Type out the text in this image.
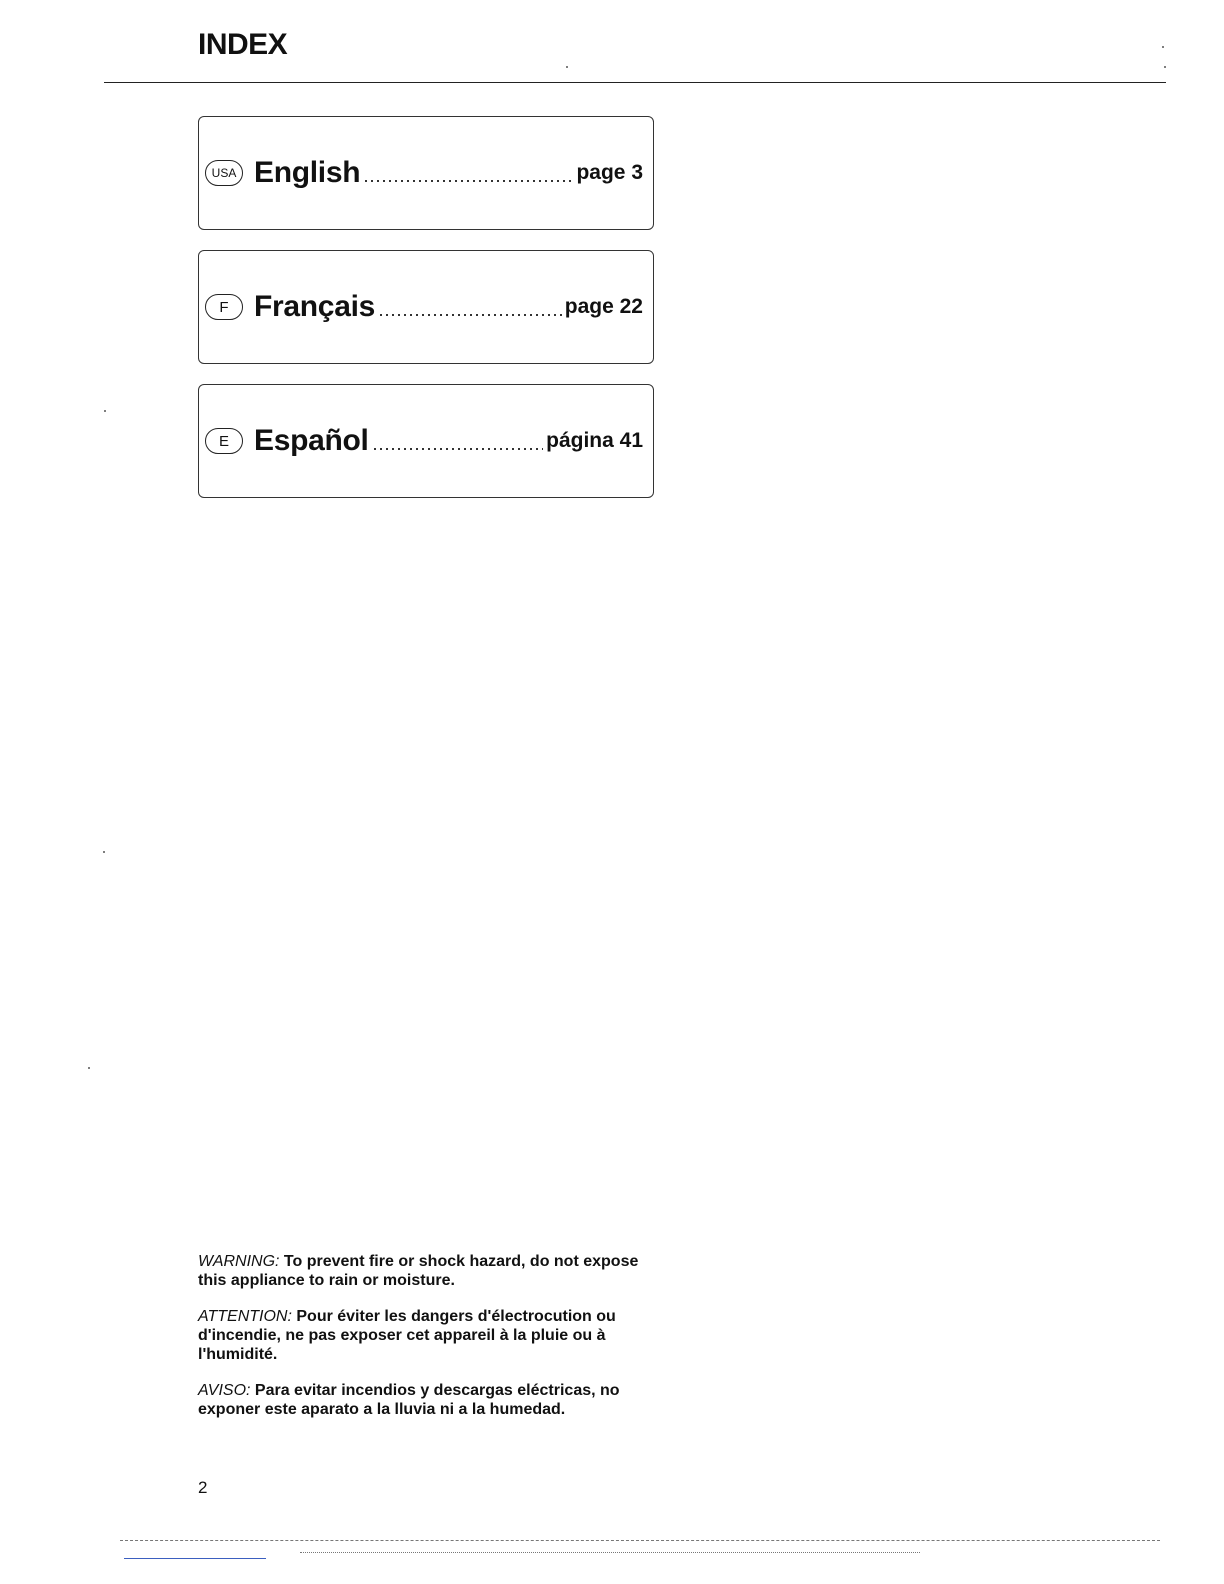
INDEX
USA English	page 3
F Français	page 22
E Español	página 41

WARNING: To prevent fire or shock hazard, do not expose this appliance to rain or moisture.

ATTENTION: Pour éviter les dangers d'électrocution ou d'incendie, ne pas exposer cet appareil à la pluie ou à l'humidité.

AVISO: Para evitar incendios y descargas eléctricas, no exponer este aparato a la lluvia ni a la humedad.

2
